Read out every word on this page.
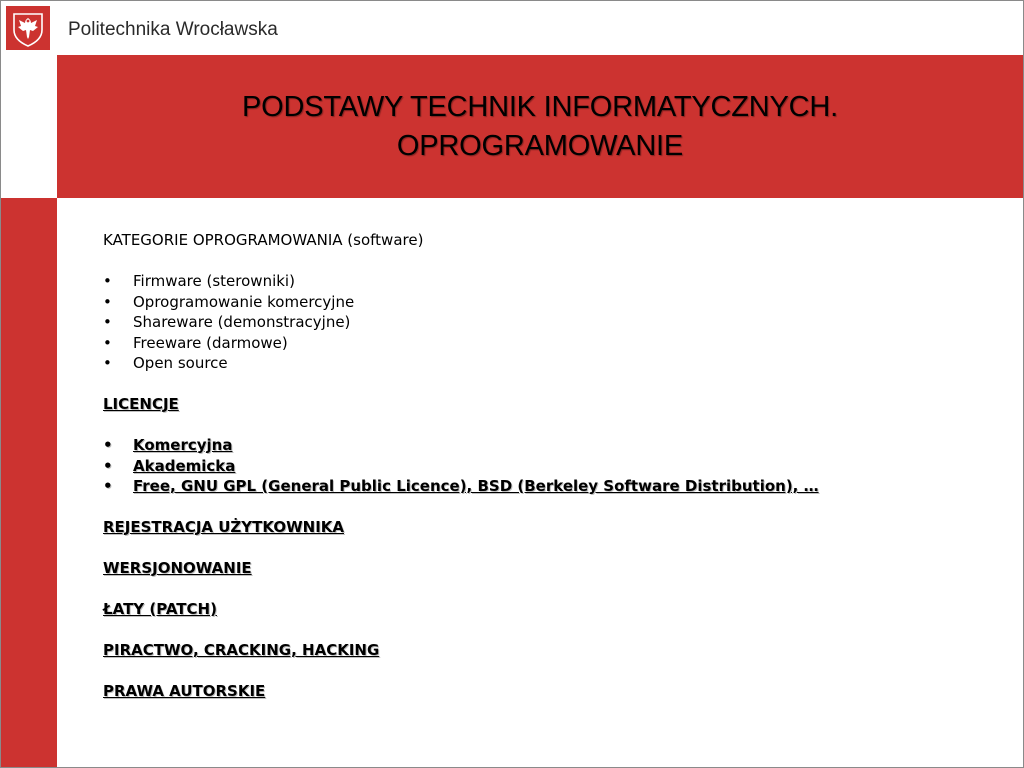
Politechnika Wrocławska
PODSTAWY TECHNIK INFORMATYCZNYCH.
OPROGRAMOWANIE
KATEGORIE OPROGRAMOWANIA (software)
•	Firmware (sterowniki)
•	Oprogramowanie komercyjne
•	Shareware (demonstracyjne)
•	Freeware (darmowe)
•	Open source
LICENCJE
•	Komercyjna
•	Akademicka
•	Free, GNU GPL (General Public Licence), BSD (Berkeley Software Distribution), …
REJESTRACJA UŻYTKOWNIKA
WERSJONOWANIE
ŁATY (PATCH)
PIRACTWO, CRACKING, HACKING
PRAWA AUTORSKIE
